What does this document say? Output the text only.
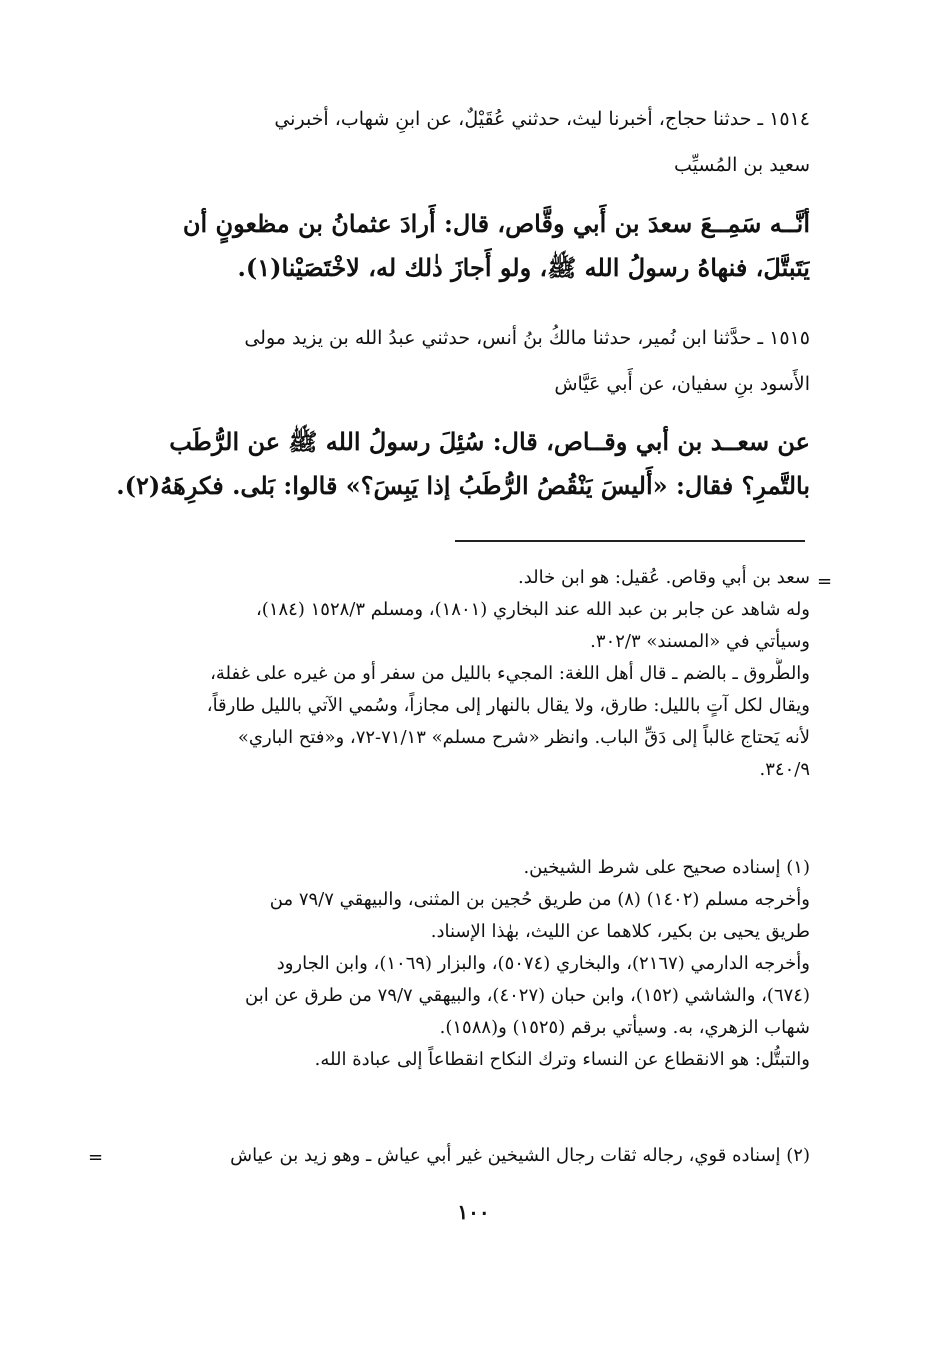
١٥١٤ ـ حدثنا حجاج، أخبرنا ليث، حدثني عُقَيْلٌ، عن ابنِ شهاب، أخبرني
سعيد بن المُسيِّب
أنَّــه سَمِــعَ سعدَ بن أَبي وقَّاص، قال: أَرادَ عثمانُ بن مظعونٍ أن
يَتَبتَّلَ، فنهاهُ رسولُ الله ﷺ، ولو أَجازَ ذٰلك له، لاخْتَصَيْنا(١).
١٥١٥ ـ حدَّثنا ابن نُمير، حدثنا مالكُ بنُ أنس، حدثني عبدُ الله بن يزيد مولى
الأَسود بنِ سفيان، عن أَبي عَيَّاش
عن سعــد بن أبي وقــاص، قال: سُئِلَ رسولُ الله ﷺ عن الرُّطَب
بالتَّمرِ؟ فقال: «أَليسَ يَنْقُصُ الرُّطَبُ إذا يَبِسَ؟» قالوا: بَلى. فكرِهَهُ(٢).
=
سعد بن أبي وقاص. عُقيل: هو ابن خالد.
وله شاهد عن جابر بن عبد الله عند البخاري (١٨٠١)، ومسلم ١٥٢٨/٣ (١٨٤)،
وسيأتي في «المسند» ٣٠٢/٣.
والطُّروق ـ بالضم ـ قال أهل اللغة: المجيء بالليل من سفر أو من غيره على غفلة،
ويقال لكل آتٍ بالليل: طارق، ولا يقال بالنهار إلى مجازاً، وسُمي الآتي بالليل طارقاً،
لأنه يَحتاج غالباً إلى دَقِّ الباب. وانظر «شرح مسلم» ٧١/١٣-٧٢، و«فتح الباري»
٣٤٠/٩.
(١) إسناده صحيح على شرط الشيخين.
وأخرجه مسلم (١٤٠٢) (٨) من طريق حُجين بن المثنى، والبيهقي ٧٩/٧ من
طريق يحيى بن بكير، كلاهما عن الليث، بهٰذا الإسناد.
وأخرجه الدارمي (٢١٦٧)، والبخاري (٥٠٧٤)، والبزار (١٠٦٩)، وابن الجارود
(٦٧٤)، والشاشي (١٥٢)، وابن حبان (٤٠٢٧)، والبيهقي ٧٩/٧ من طرق عن ابن
شهاب الزهري، به. وسيأتي برقم (١٥٢٥) و(١٥٨٨).
والتبتُّل: هو الانقطاع عن النساء وترك النكاح انقطاعاً إلى عبادة الله.
(٢) إسناده قوي، رجاله ثقات رجال الشيخين غير أبي عياش ـ وهو زيد بن عياش
=
١٠٠
